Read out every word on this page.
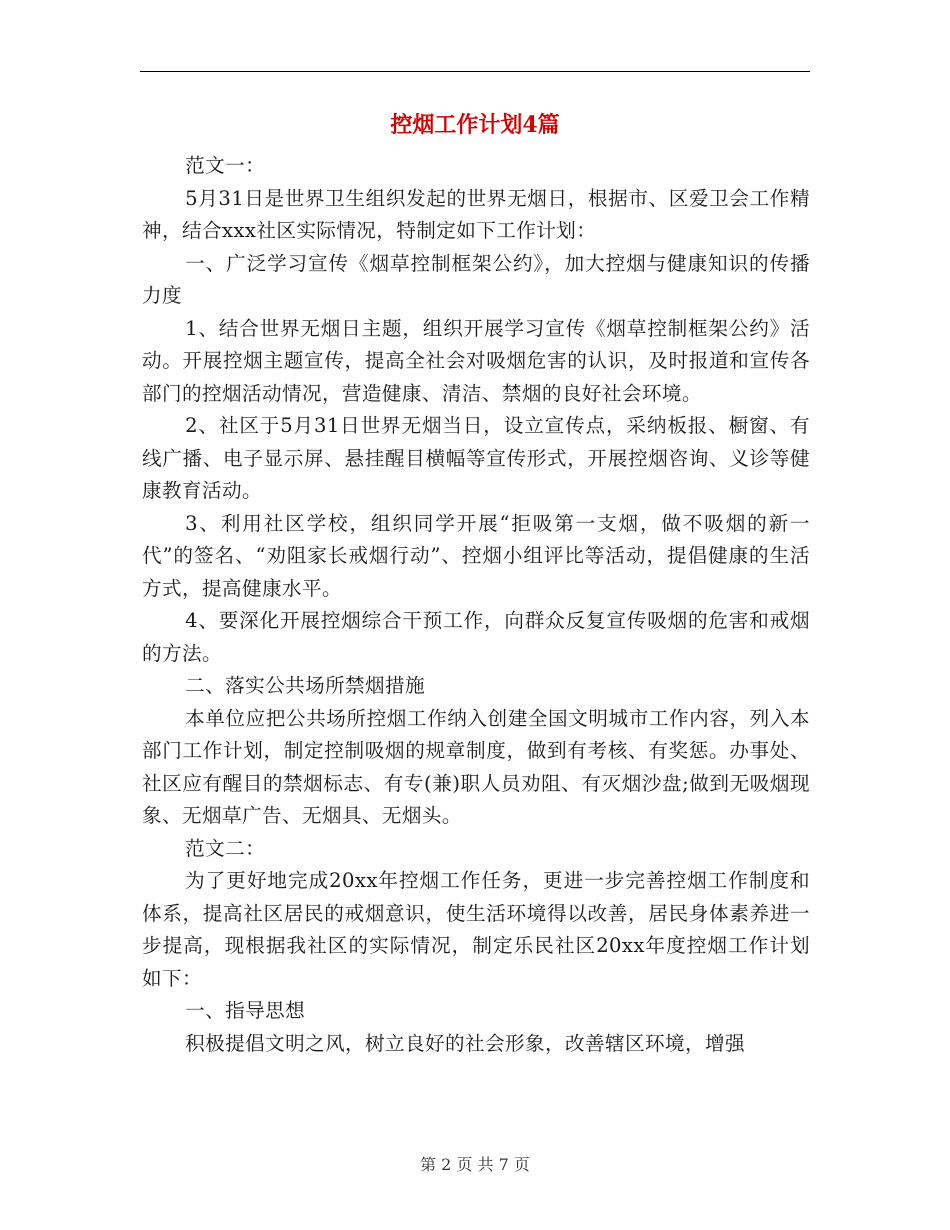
控烟工作计划4篇

范文一：

5月31日是世界卫生组织发起的世界无烟日，根据市、区爱卫会工作精神，结合xxx社区实际情况，特制定如下工作计划：

一、广泛学习宣传《烟草控制框架公约》，加大控烟与健康知识的传播力度

1、结合世界无烟日主题，组织开展学习宣传《烟草控制框架公约》活动。开展控烟主题宣传，提高全社会对吸烟危害的认识，及时报道和宣传各部门的控烟活动情况，营造健康、清洁、禁烟的良好社会环境。

2、社区于5月31日世界无烟当日，设立宣传点，采纳板报、橱窗、有线广播、电子显示屏、悬挂醒目横幅等宣传形式，开展控烟咨询、义诊等健康教育活动。

3、利用社区学校，组织同学开展“拒吸第一支烟，做不吸烟的新一代”的签名、“劝阻家长戒烟行动”、控烟小组评比等活动，提倡健康的生活方式，提高健康水平。

4、要深化开展控烟综合干预工作，向群众反复宣传吸烟的危害和戒烟的方法。

二、落实公共场所禁烟措施

本单位应把公共场所控烟工作纳入创建全国文明城市工作内容，列入本部门工作计划，制定控制吸烟的规章制度，做到有考核、有奖惩。办事处、社区应有醒目的禁烟标志、有专(兼)职人员劝阻、有灭烟沙盘;做到无吸烟现象、无烟草广告、无烟具、无烟头。

范文二：

为了更好地完成20xx年控烟工作任务，更进一步完善控烟工作制度和体系，提高社区居民的戒烟意识，使生活环境得以改善，居民身体素养进一步提高，现根据我社区的实际情况，制定乐民社区20xx年度控烟工作计划如下：

一、指导思想

积极提倡文明之风，树立良好的社会形象，改善辖区环境，增强

第 2 页 共 7 页
